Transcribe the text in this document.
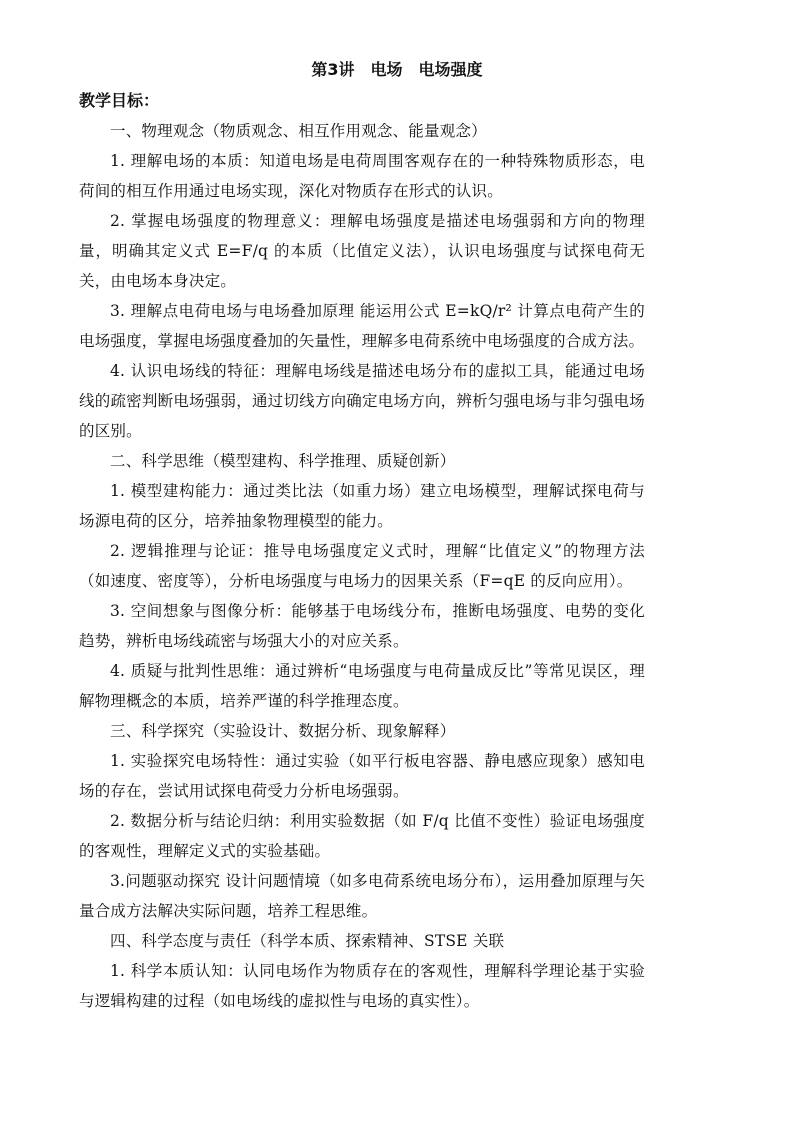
第3讲　电场　电场强度
教学目标：

一、物理观念（物质观念、相互作用观念、能量观念）

1. 理解电场的本质：知道电场是电荷周围客观存在的一种特殊物质形态，电荷间的相互作用通过电场实现，深化对物质存在形式的认识。

2. 掌握电场强度的物理意义：理解电场强度是描述电场强弱和方向的物理量，明确其定义式 E=F/q 的本质（比值定义法），认识电场强度与试探电荷无关，由电场本身决定。

3. 理解点电荷电场与电场叠加原理 能运用公式 E=kQ/r² 计算点电荷产生的电场强度，掌握电场强度叠加的矢量性，理解多电荷系统中电场强度的合成方法。

4. 认识电场线的特征：理解电场线是描述电场分布的虚拟工具，能通过电场线的疏密判断电场强弱，通过切线方向确定电场方向，辨析匀强电场与非匀强电场的区别。

二、科学思维（模型建构、科学推理、质疑创新）

1. 模型建构能力：通过类比法（如重力场）建立电场模型，理解试探电荷与场源电荷的区分，培养抽象物理模型的能力。

2. 逻辑推理与论证：推导电场强度定义式时，理解“比值定义”的物理方法（如速度、密度等），分析电场强度与电场力的因果关系（F=qE 的反向应用）。

3. 空间想象与图像分析：能够基于电场线分布，推断电场强度、电势的变化趋势，辨析电场线疏密与场强大小的对应关系。

4. 质疑与批判性思维：通过辨析“电场强度与电荷量成反比”等常见误区，理解物理概念的本质，培养严谨的科学推理态度。

三、科学探究（实验设计、数据分析、现象解释）

1. 实验探究电场特性：通过实验（如平行板电容器、静电感应现象）感知电场的存在，尝试用试探电荷受力分析电场强弱。

2. 数据分析与结论归纳：利用实验数据（如 F/q 比值不变性）验证电场强度的客观性，理解定义式的实验基础。

3.问题驱动探究 设计问题情境（如多电荷系统电场分布），运用叠加原理与矢量合成方法解决实际问题，培养工程思维。

四、科学态度与责任（科学本质、探索精神、STSE 关联

1. 科学本质认知：认同电场作为物质存在的客观性，理解科学理论基于实验与逻辑构建的过程（如电场线的虚拟性与电场的真实性）。
